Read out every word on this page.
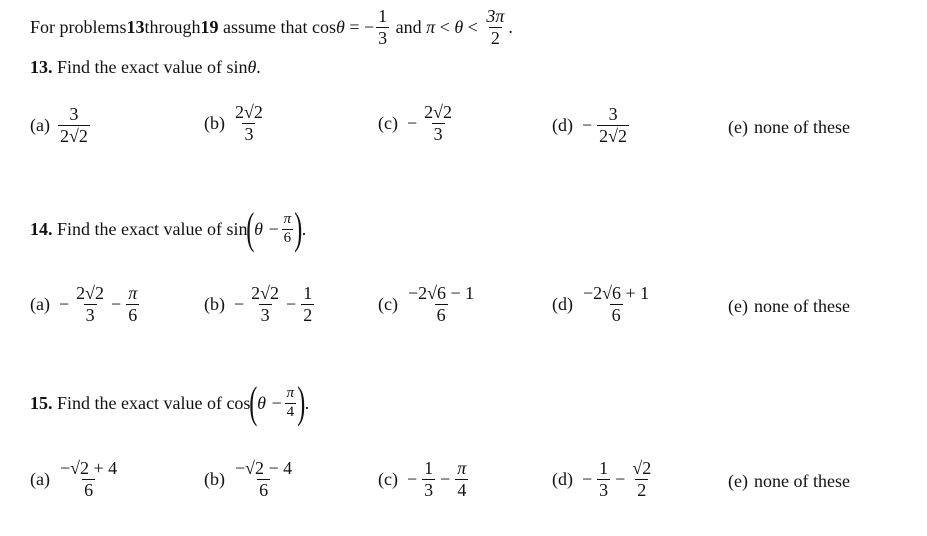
For problems 13 through 19 assume that cos θ = − $\frac{1}{3}$ and $\pi < \theta < \frac{3\pi}{2}$ .
13. Find the exact value of sin θ .
$(a) \frac{3}{2√2}$	$(b) \frac{2√2}{3}$	$(c) - \frac{2√2}{3}$	$(d) - \frac{3}{2√2}$	(e) none of these
14. Find the exact value of sin ( $\theta - \frac{\pi}{6}$ ) .
$(a) - \frac{2√2}{3} - \frac{\pi}{6}$	$(b) - \frac{2√2}{3} - \frac{1}{2}$	$(c) \frac{-2√6 - 1}{6}$	$(d) \frac{-2√6 + 1}{6}$	(e) none of these
15. Find the exact value of cos ( $\theta - \frac{\pi}{4}$ ) .
$(a) \frac{-√2 + 4}{6}$	$(b) \frac{-√2 - 4}{6}$	$(c) - \frac{1}{3} - \frac{\pi}{4}$	$(d) - \frac{1}{3} - \frac{√2}{2}$	(e) none of these
